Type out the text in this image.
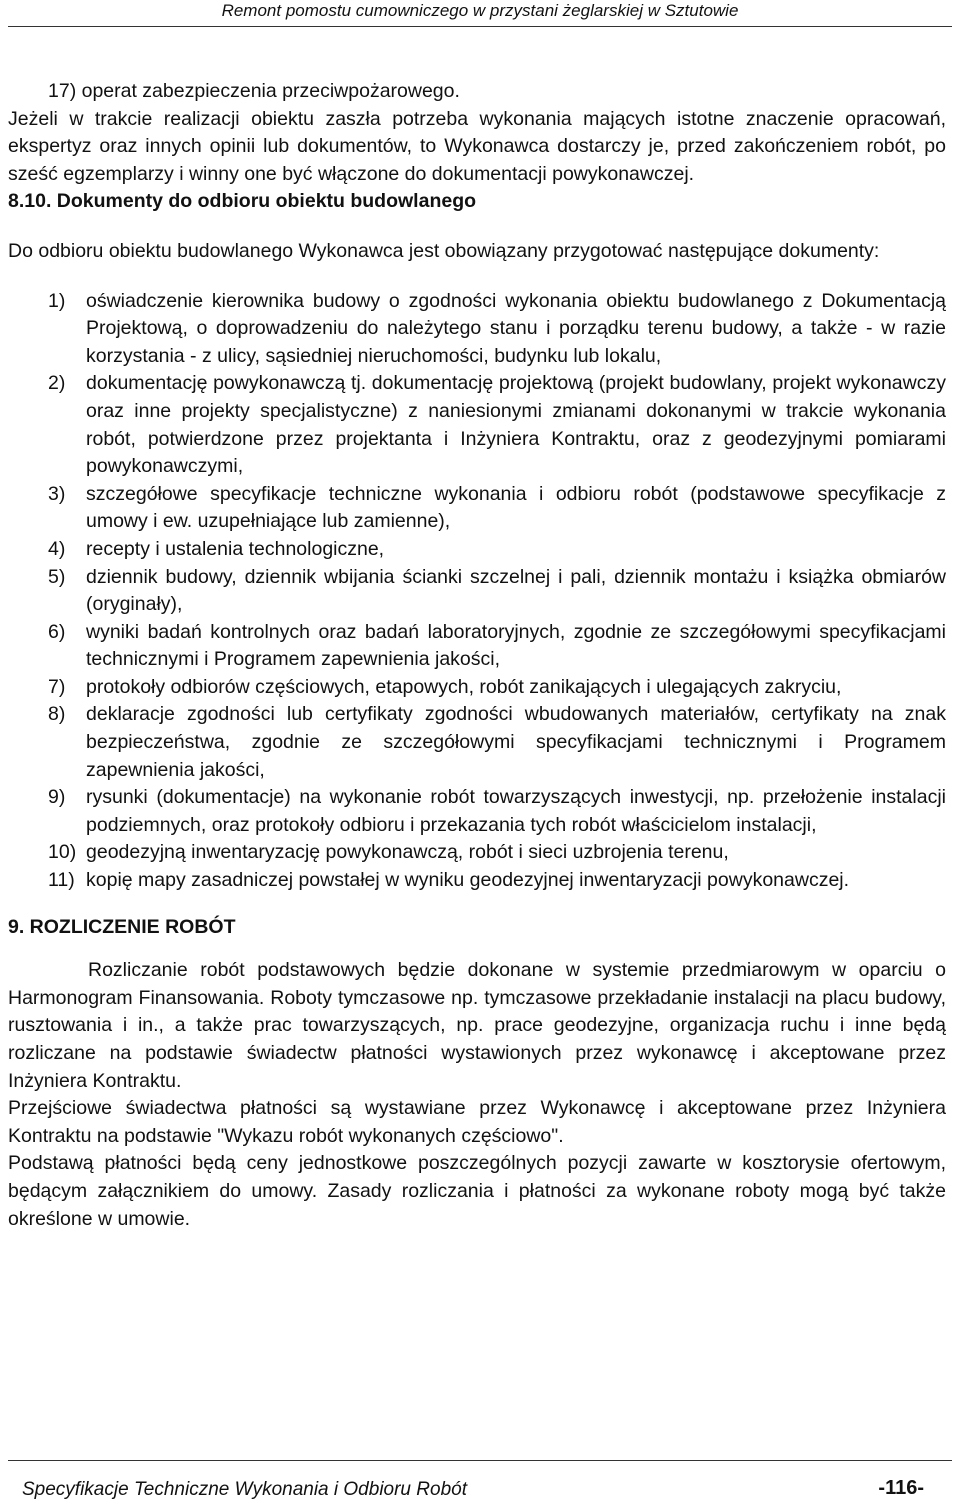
Remont pomostu cumowniczego w przystani żeglarskiej w Sztutowie

17) operat zabezpieczenia przeciwpożarowego.

Jeżeli w trakcie realizacji obiektu zaszła potrzeba wykonania mających istotne znaczenie opracowań, ekspertyz oraz innych opinii lub dokumentów, to Wykonawca dostarczy je, przed zakończeniem robót, po sześć egzemplarzy i winny one być włączone do dokumentacji powykonawczej.

8.10. Dokumenty do odbioru obiektu budowlanego

Do odbioru obiektu budowlanego Wykonawca jest obowiązany przygotować następujące dokumenty:

1) oświadczenie kierownika budowy o zgodności wykonania obiektu budowlanego z Dokumentacją Projektową, o doprowadzeniu do należytego stanu i porządku terenu budowy, a także - w razie korzystania - z ulicy, sąsiedniej nieruchomości, budynku lub lokalu,
2) dokumentację powykonawczą tj. dokumentację projektową (projekt budowlany, projekt wykonawczy oraz inne projekty specjalistyczne) z naniesionymi zmianami dokonanymi w trakcie wykonania robót, potwierdzone przez projektanta i Inżyniera Kontraktu, oraz z geodezyjnymi pomiarami powykonawczymi,
3) szczegółowe specyfikacje techniczne wykonania i odbioru robót (podstawowe specyfikacje z umowy i ew. uzupełniające lub zamienne),
4) recepty i ustalenia technologiczne,
5) dziennik budowy, dziennik wbijania ścianki szczelnej i pali, dziennik montażu i książka obmiarów (oryginały),
6) wyniki badań kontrolnych oraz badań laboratoryjnych, zgodnie ze szczegółowymi specyfikacjami technicznymi i Programem zapewnienia jakości,
7) protokoły odbiorów częściowych, etapowych, robót zanikających i ulegających zakryciu,
8) deklaracje zgodności lub certyfikaty zgodności wbudowanych materiałów, certyfikaty na znak bezpieczeństwa, zgodnie ze szczegółowymi specyfikacjami technicznymi i Programem zapewnienia jakości,
9) rysunki (dokumentacje) na wykonanie robót towarzyszących inwestycji, np. przełożenie instalacji podziemnych, oraz protokoły odbioru i przekazania tych robót właścicielom instalacji,
10) geodezyjną inwentaryzację powykonawczą, robót i sieci uzbrojenia terenu,
11) kopię mapy zasadniczej powstałej w wyniku geodezyjnej inwentaryzacji powykonawczej.

9. ROZLICZENIE ROBÓT

Rozliczanie robót podstawowych będzie dokonane w systemie przedmiarowym w oparciu o Harmonogram Finansowania. Roboty tymczasowe np. tymczasowe przekładanie instalacji na placu budowy, rusztowania i in., a także prac towarzyszących, np. prace geodezyjne, organizacja ruchu i inne będą rozliczane na podstawie świadectw płatności wystawionych przez wykonawcę i akceptowane przez Inżyniera Kontraktu.

Przejściowe świadectwa płatności są wystawiane przez Wykonawcę i akceptowane przez Inżyniera Kontraktu na podstawie "Wykazu robót wykonanych częściowo".

Podstawą płatności będą ceny jednostkowe poszczególnych pozycji zawarte w kosztorysie ofertowym, będącym załącznikiem do umowy. Zasady rozliczania i płatności za wykonane roboty mogą być także określone w umowie.

Specyfikacje Techniczne Wykonania i Odbioru Robót	-116-
